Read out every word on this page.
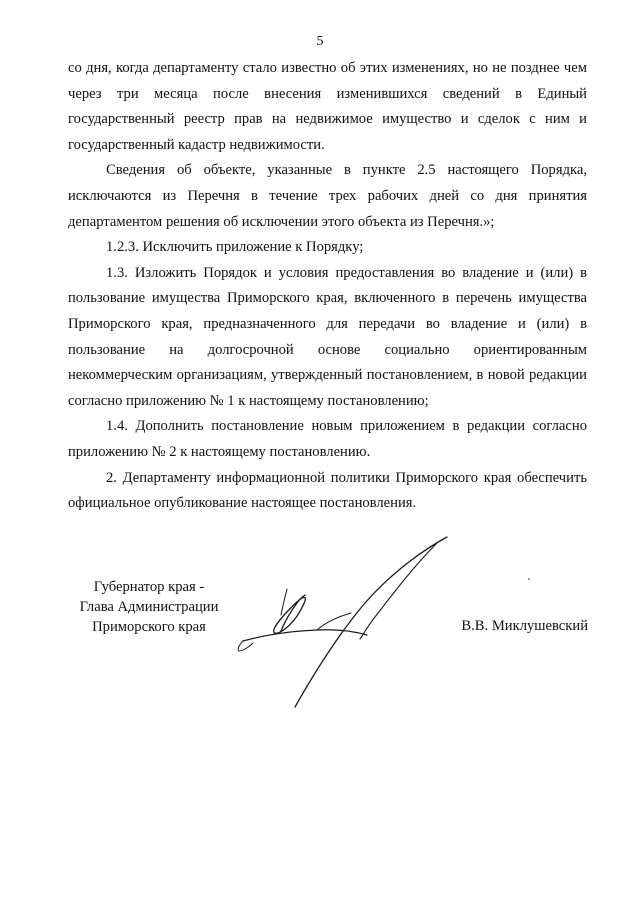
5

со дня, когда департаменту стало известно об этих изменениях, но не позднее чем через три месяца после внесения изменившихся сведений в Единый государственный реестр прав на недвижимое имущество и сделок с ним и государственный кадастр недвижимости.

Сведения об объекте, указанные в пункте 2.5 настоящего Порядка, исключаются из Перечня в течение трех рабочих дней со дня принятия департаментом решения об исключении этого объекта из Перечня.»;

1.2.3. Исключить приложение к Порядку;

1.3. Изложить Порядок и условия предоставления во владение и (или) в пользование имущества Приморского края, включенного в перечень имущества Приморского края, предназначенного для передачи во владение и (или) в пользование на долгосрочной основе социально ориентированным некоммерческим организациям, утвержденный постановлением, в новой редакции согласно приложению № 1 к настоящему постановлению;

1.4. Дополнить постановление новым приложением в редакции согласно приложению № 2 к настоящему постановлению.

2. Департаменту информационной политики Приморского края обеспечить официальное опубликование настоящее постановления.

Губернатор края -
Глава Администрации
Приморского края	В.В. Миклушевский
